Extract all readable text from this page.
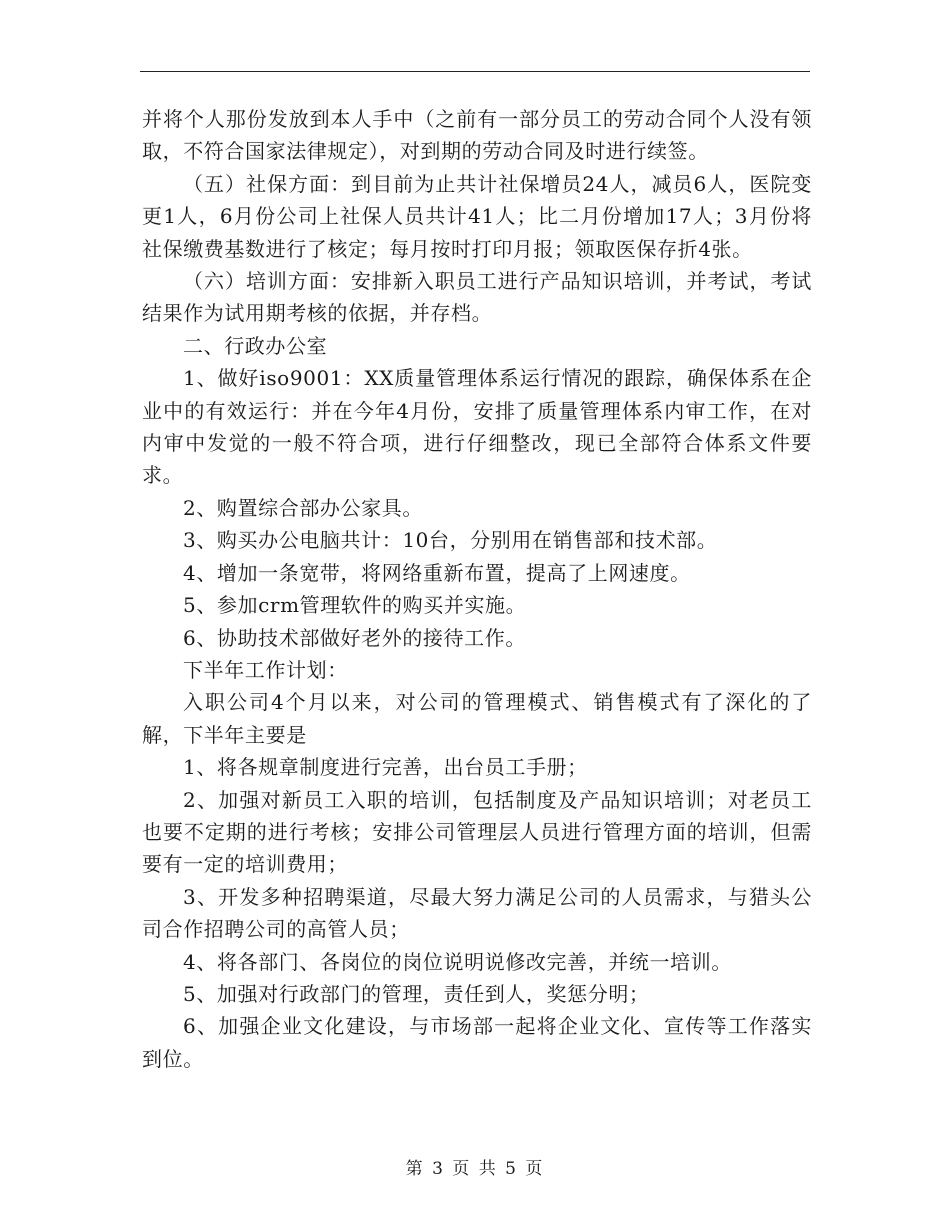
并将个人那份发放到本人手中（之前有一部分员工的劳动合同个人没有领取，不符合国家法律规定），对到期的劳动合同及时进行续签。

（五）社保方面：到目前为止共计社保增员24人，减员6人，医院变更1人，6月份公司上社保人员共计41人；比二月份增加17人；3月份将社保缴费基数进行了核定；每月按时打印月报；领取医保存折4张。

（六）培训方面：安排新入职员工进行产品知识培训，并考试，考试结果作为试用期考核的依据，并存档。

二、行政办公室

1、做好iso9001：XX质量管理体系运行情况的跟踪，确保体系在企业中的有效运行：并在今年4月份，安排了质量管理体系内审工作，在对内审中发觉的一般不符合项，进行仔细整改，现已全部符合体系文件要求。

2、购置综合部办公家具。

3、购买办公电脑共计：10台，分别用在销售部和技术部。

4、增加一条宽带，将网络重新布置，提高了上网速度。

5、参加crm管理软件的购买并实施。

6、协助技术部做好老外的接待工作。

下半年工作计划：

入职公司4个月以来，对公司的管理模式、销售模式有了深化的了解，下半年主要是

1、将各规章制度进行完善，出台员工手册；

2、加强对新员工入职的培训，包括制度及产品知识培训；对老员工也要不定期的进行考核；安排公司管理层人员进行管理方面的培训，但需要有一定的培训费用；

3、开发多种招聘渠道，尽最大努力满足公司的人员需求，与猎头公司合作招聘公司的高管人员；

4、将各部门、各岗位的岗位说明说修改完善，并统一培训。

5、加强对行政部门的管理，责任到人，奖惩分明；

6、加强企业文化建设，与市场部一起将企业文化、宣传等工作落实到位。

第 3 页 共 5 页
